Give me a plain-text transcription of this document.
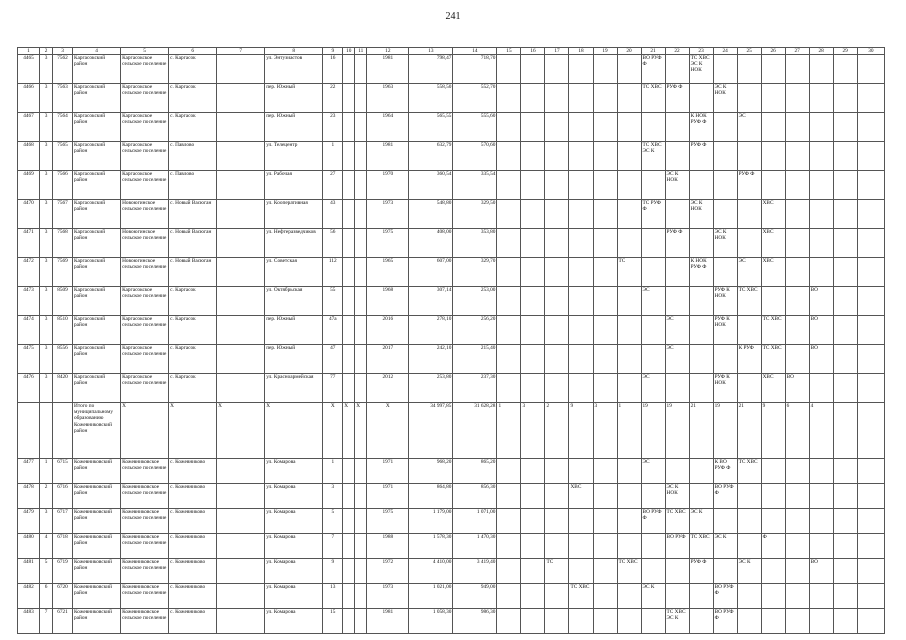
241
1	2	3	4	5	6	7	8	9	10	11	12	13	14	15	16	17	18	19	20	21	22	23	24	25	26	27	28	29	30
4465	3	7562	Каргасокский район	Каргасокское сельское поселение	с. Каргасок		ул. Энтузиастов	16			1981	798,47	718,70							ВО РУФ Ф		ТС ХВС ЭС К НОК							
4466	3	7563	Каргасокский район	Каргасокское сельское поселение	с. Каргасок		пер. Южный	22			1963	558,50	552,70							ТС ХВС	РУФ Ф		ЭС К НОК						
4467	3	7564	Каргасокский район	Каргасокское сельское поселение	с. Каргасок		пер. Южный	23			1964	565,55	555,60									К НОК РУФ Ф		ЭС					
4468	3	7565	Каргасокский район	Каргасокское сельское поселение	с. Павлово		ул. Телецентр	1			1981	632,79	570,60							ТС ХВС ЭС К		РУФ Ф							
4469	3	7566	Каргасокский район	Каргасокское сельское поселение	с. Павлово		ул. Рабочая	27			1970	360,54	335,54								ЭС К НОК			РУФ Ф					
4470	3	7567	Каргасокский район	Новоюгинское сельское поселение	с. Новый Васюган		ул. Кооперативная	43			1973	548,80	329,50							ТС РУФ Ф		ЭС К НОК			ХВС				
4471	3	7568	Каргасокский район	Новоюгинское сельское поселение	с. Новый Васюган		ул. Нефтеразведчиков	56			1975	408,00	353,80								РУФ Ф		ЭС К НОК		ХВС				
4472	3	7569	Каргасокский район	Новоюгинское сельское поселение	с. Новый Васюган		ул. Советская	112			1965	607,00	329,70						ТС			К НОК РУФ Ф		ЭС	ХВС				
4473	3	8509	Каргасокский район	Каргасокское сельское поселение	с. Каргасок		ул. Октябрьская	55			1968	307,14	253,00							ЭС			РУФ К НОК	ТС ХВС			ВО		
4474	3	8510	Каргасокский район	Каргасокское сельское поселение	с. Каргасок		пер. Южный	47а			2016	278,10	256,20								ЭС		РУФ К НОК		ТС ХВС		ВО		
4475	3	8556	Каргасокский район	Каргасокское сельское поселение	с. Каргасок		пер. Южный	47			2017	242,10	215,40								ЭС			К РУФ	ТС ХВС		ВО		
4476	3	8420	Каргасокский район	Каргасокское сельское поселение	с. Каргасок		ул. Красноармейская	77			2012	253,80	237,30							ЭС			РУФ К НОК		ХВС	ВО			
			Итого по муниципальному образованию Кожевниковский район	X	X	X	X	X	X	X	X	34 997,85	31 628,28	1	3	2	9	3	1	19	19	21	19	21	9	6	4		
4477	1	6715	Кожевниковский район	Кожевниковское сельское поселение	с. Кожевниково		ул. Комарова	1			1971	968,20	865,20							ЭС			К ВО РУФ Ф	ТС ХВС					
4478	2	6716	Кожевниковский район	Кожевниковское сельское поселение	с. Кожевниково		ул. Комарова	3			1971	864,80	856,30				ХВС				ЭС К НОК		ВО РУФ Ф						
4479	3	6717	Кожевниковский район	Кожевниковское сельское поселение	с. Кожевниково		ул. Комарова	5			1975	1 179,00	1 071,00							ВО РУФ Ф	ТС ХВС	ЭС К							
4480	4	6718	Кожевниковский район	Кожевниковское сельское поселение	с. Кожевниково		ул. Комарова	7			1988	1 578,30	1 470,30								ВО РУФ	ТС ХВС	ЭС К		Ф				
4481	5	6719	Кожевниковский район	Кожевниковское сельское поселение	с. Кожевниково		ул. Комарова	9			1972	4 410,00	3 419,40			ТС			ТС ХВС			РУФ Ф		ЭС К			ВО		
4482	6	6720	Кожевниковский район	Кожевниковское сельское поселение	с. Кожевниково		ул. Комарова	13			1973	1 021,00	949,00				ТС ХВС			ЭС К			ВО РУФ Ф						
4483	7	6721	Кожевниковский район	Кожевниковское сельское поселение	с. Кожевниково		ул. Комарова	15			1981	1 058,30	986,30								ТС ХВС ЭС К		ВО РУФ Ф						
